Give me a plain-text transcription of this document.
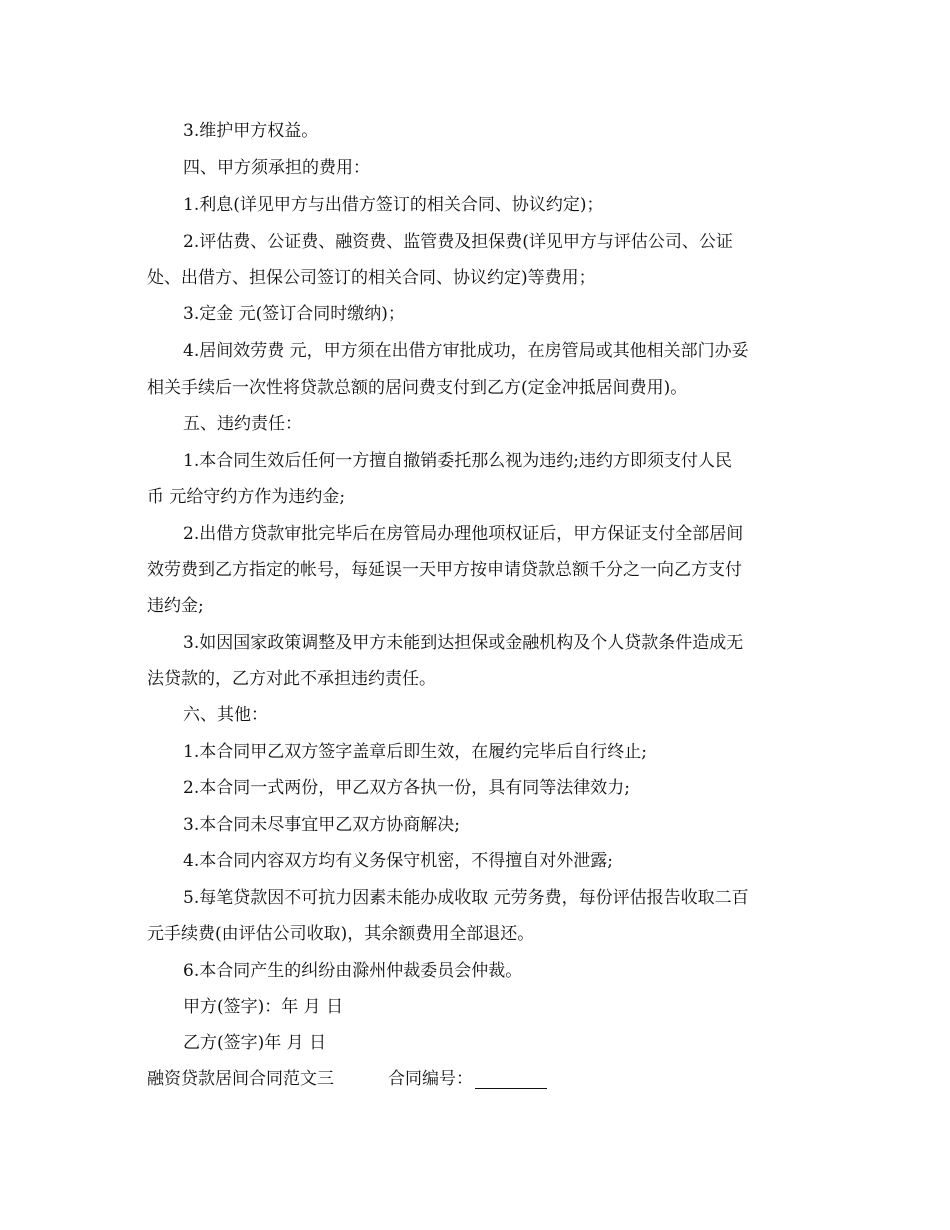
3.维护甲方权益。
四、甲方须承担的费用：
1.利息(详见甲方与出借方签订的相关合同、协议约定)；
2.评估费、公证费、融资费、监管费及担保费(详见甲方与评估公司、公证
处、出借方、担保公司签订的相关合同、协议约定)等费用；
3.定金 元(签订合同时缴纳)；
4.居间效劳费 元，甲方须在出借方审批成功，在房管局或其他相关部门办妥
相关手续后一次性将贷款总额的居问费支付到乙方(定金冲抵居间费用)。
五、违约责任：
1.本合同生效后任何一方擅自撤销委托那么视为违约;违约方即须支付人民
币 元给守约方作为违约金;
2.出借方贷款审批完毕后在房管局办理他项权证后，甲方保证支付全部居间
效劳费到乙方指定的帐号，每延误一天甲方按申请贷款总额千分之一向乙方支付
违约金;
3.如因国家政策调整及甲方未能到达担保或金融机构及个人贷款条件造成无
法贷款的，乙方对此不承担违约责任。
六、其他：
1.本合同甲乙双方签字盖章后即生效，在履约完毕后自行终止;
2.本合同一式两份，甲乙双方各执一份，具有同等法律效力;
3.本合同未尽事宜甲乙双方协商解决;
4.本合同内容双方均有义务保守机密，不得擅自对外泄露;
5.每笔贷款因不可抗力因素未能办成收取 元劳务费，每份评估报告收取二百
元手续费(由评估公司收取)，其余额费用全部退还。
6.本合同产生的纠纷由滁州仲裁委员会仲裁。
甲方(签字)：年 月 日
乙方(签字)年 月 日
融资贷款居间合同范文三	合同编号：
